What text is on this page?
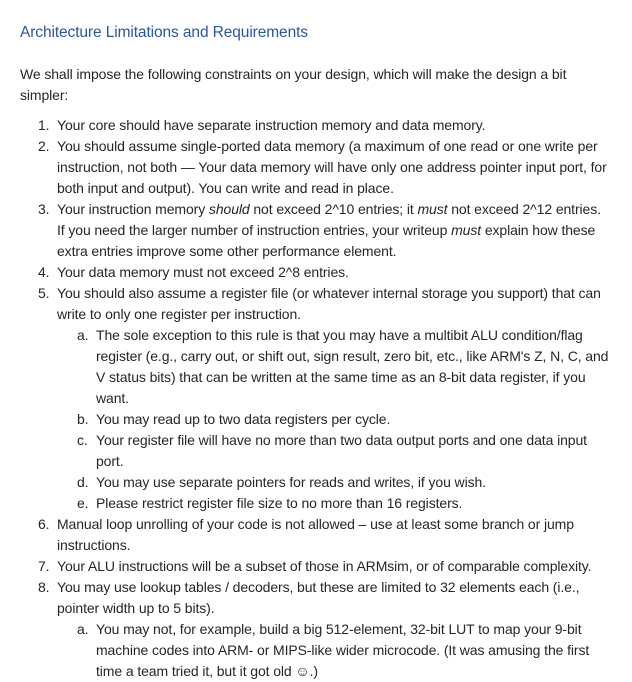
Architecture Limitations and Requirements

We shall impose the following constraints on your design, which will make the design a bit simpler:

1. Your core should have separate instruction memory and data memory.
2. You should assume single-ported data memory (a maximum of one read or one write per instruction, not both — Your data memory will have only one address pointer input port, for both input and output). You can write and read in place.
3. Your instruction memory should not exceed 2^10 entries; it must not exceed 2^12 entries. If you need the larger number of instruction entries, your writeup must explain how these extra entries improve some other performance element.
4. Your data memory must not exceed 2^8 entries.
5. You should also assume a register file (or whatever internal storage you support) that can write to only one register per instruction.
a. The sole exception to this rule is that you may have a multibit ALU condition/flag register (e.g., carry out, or shift out, sign result, zero bit, etc., like ARM's Z, N, C, and V status bits) that can be written at the same time as an 8-bit data register, if you want.
b. You may read up to two data registers per cycle.
c. Your register file will have no more than two data output ports and one data input port.
d. You may use separate pointers for reads and writes, if you wish.
e. Please restrict register file size to no more than 16 registers.
6. Manual loop unrolling of your code is not allowed – use at least some branch or jump instructions.
7. Your ALU instructions will be a subset of those in ARMsim, or of comparable complexity.
8. You may use lookup tables / decoders, but these are limited to 32 elements each (i.e., pointer width up to 5 bits).
a. You may not, for example, build a big 512-element, 32-bit LUT to map your 9-bit machine codes into ARM- or MIPS-like wider microcode. (It was amusing the first time a team tried it, but it got old ☺.)
